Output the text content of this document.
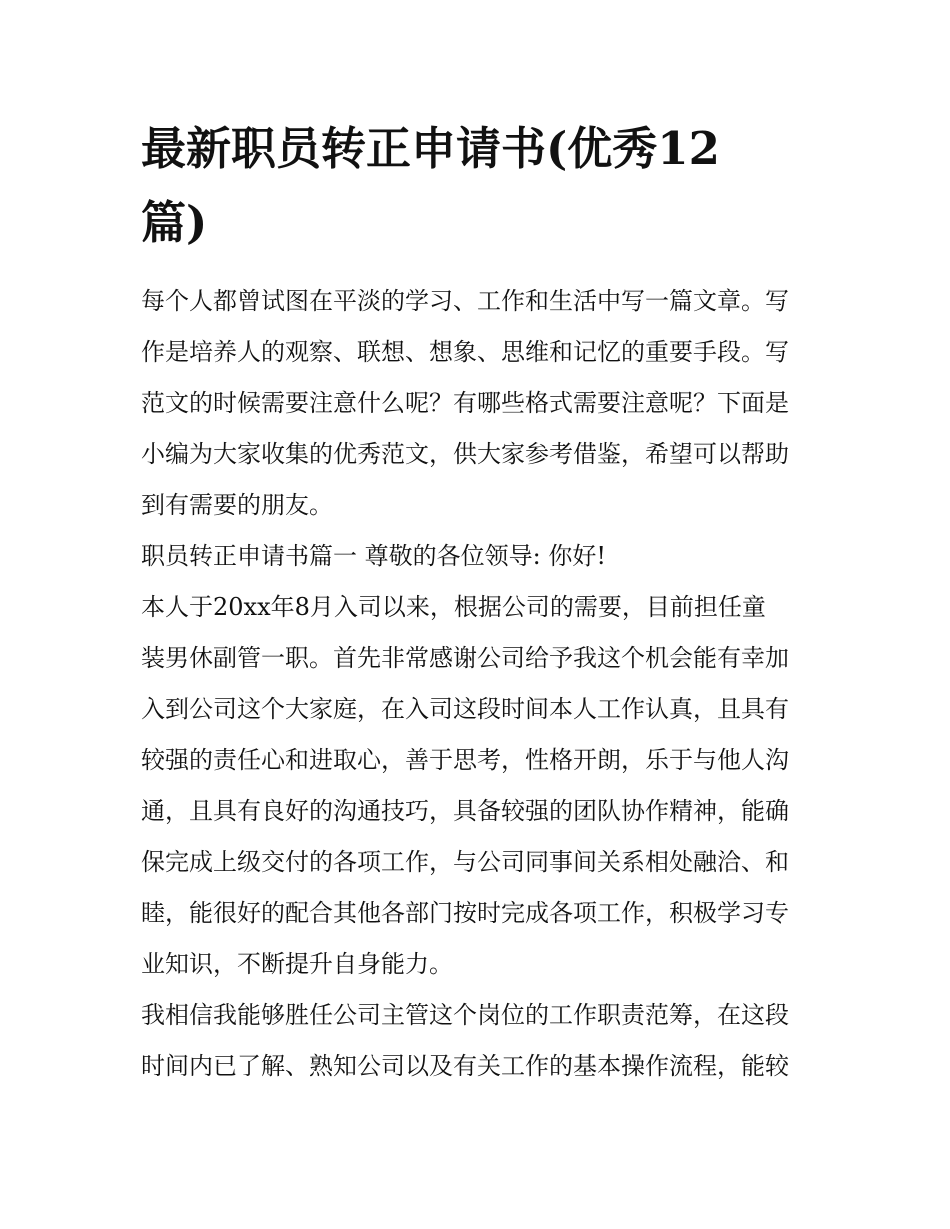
最新职员转正申请书(优秀12
篇)

每个人都曾试图在平淡的学习、工作和生活中写一篇文章。写
作是培养人的观察、联想、想象、思维和记忆的重要手段。写
范文的时候需要注意什么呢？有哪些格式需要注意呢？下面是
小编为大家收集的优秀范文，供大家参考借鉴，希望可以帮助
到有需要的朋友。

职员转正申请书篇一 尊敬的各位领导: 你好!

本人于20xx年8月入司以来，根据公司的需要，目前担任童
装男休副管一职。首先非常感谢公司给予我这个机会能有幸加
入到公司这个大家庭，在入司这段时间本人工作认真，且具有
较强的责任心和进取心，善于思考，性格开朗，乐于与他人沟
通，且具有良好的沟通技巧，具备较强的团队协作精神，能确
保完成上级交付的各项工作，与公司同事间关系相处融洽、和
睦，能很好的配合其他各部门按时完成各项工作，积极学习专
业知识，不断提升自身能力。

我相信我能够胜任公司主管这个岗位的工作职责范筹，在这段
时间内已了解、熟知公司以及有关工作的基本操作流程，能较
